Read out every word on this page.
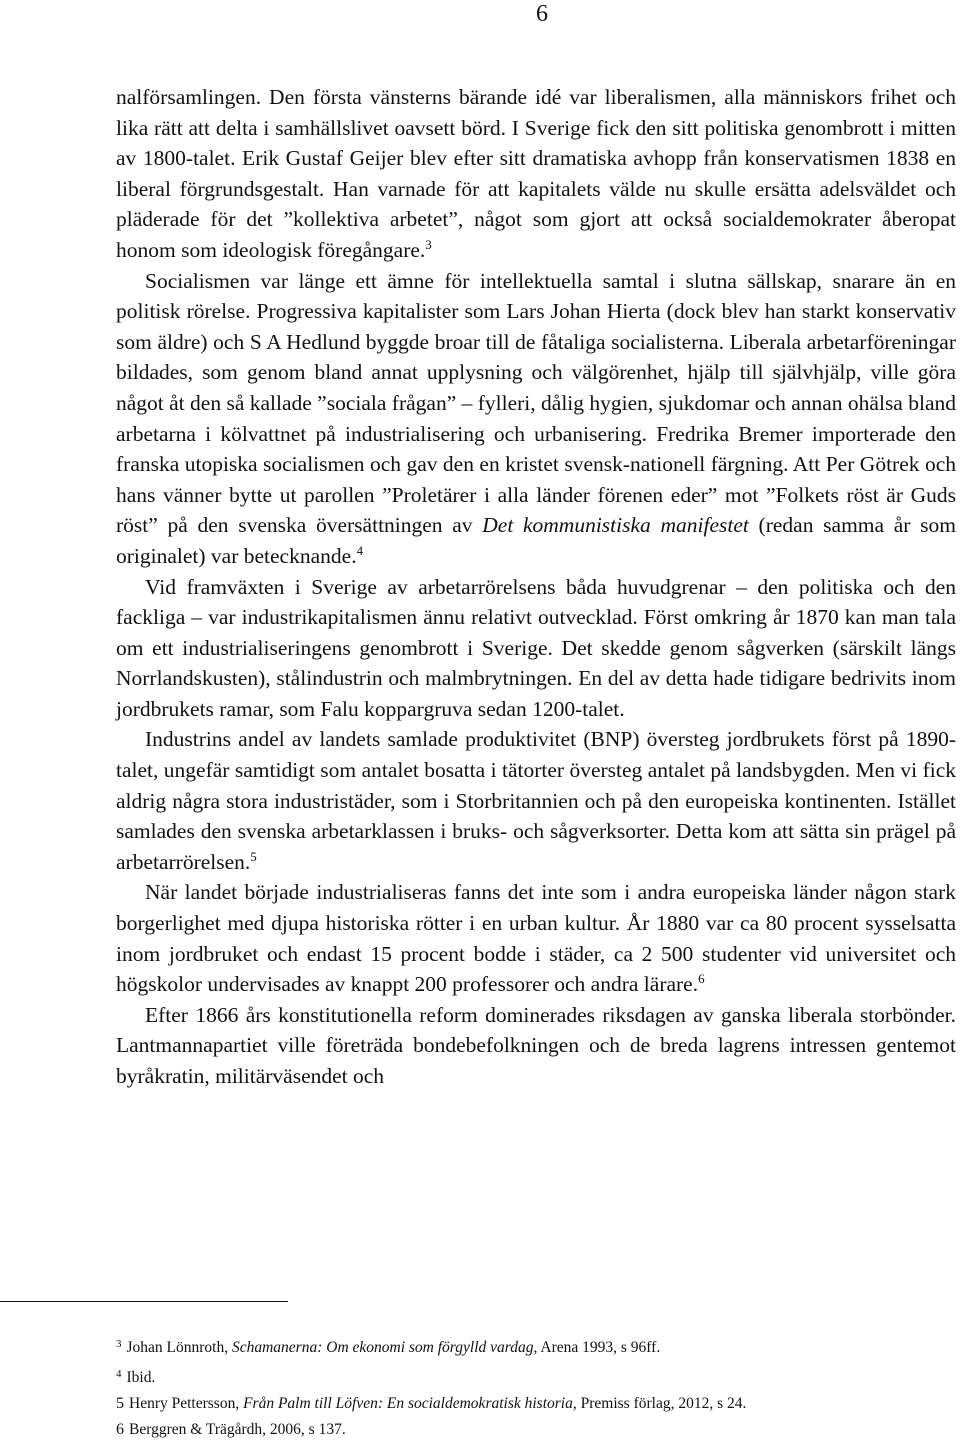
6

nalförsamlingen. Den första vänsterns bärande idé var liberalismen, alla människors frihet och lika rätt att delta i samhällslivet oavsett börd. I Sverige fick den sitt politiska genombrott i mitten av 1800-talet. Erik Gustaf Geijer blev efter sitt dramatiska avhopp från konservatismen 1838 en liberal förgrundsgestalt. Han varnade för att kapitalets välde nu skulle ersätta adelsväldet och pläderade för det ”kollektiva arbetet”, något som gjort att också socialdemokrater åberopat honom som ideologisk föregångare.$^3$

Socialismen var länge ett ämne för intellektuella samtal i slutna sällskap, snarare än en politisk rörelse. Progressiva kapitalister som Lars Johan Hierta (dock blev han starkt konservativ som äldre) och S A Hedlund byggde broar till de fåtaliga socialisterna. Liberala arbetarföreningar bildades, som genom bland annat upplysning och välgörenhet, hjälp till självhjälp, ville göra något åt den så kallade ”sociala frågan” – fylleri, dålig hygien, sjukdomar och annan ohälsa bland arbetarna i kölvattnet på industrialisering och urbanisering. Fredrika Bremer importerade den franska utopiska socialismen och gav den en kristet svensk-nationell färgning. Att Per Götrek och hans vänner bytte ut parollen ”Proletärer i alla länder förenen eder” mot ”Folkets röst är Guds röst” på den svenska översättningen av Det kommunistiska manifestet (redan samma år som originalet) var betecknande.$^4$

Vid framväxten i Sverige av arbetarrörelsens båda huvudgrenar – den politiska och den fackliga – var industrikapitalismen ännu relativt outvecklad. Först omkring år 1870 kan man tala om ett industrialiseringens genombrott i Sverige. Det skedde genom sågverken (särskilt längs Norrlandskusten), stålindustrin och malmbrytningen. En del av detta hade tidigare bedrivits inom jordbrukets ramar, som Falu koppargruva sedan 1200-talet.

Industrins andel av landets samlade produktivitet (BNP) översteg jordbrukets först på 1890-talet, ungefär samtidigt som antalet bosatta i tätorter översteg antalet på landsbygden. Men vi fick aldrig några stora industristäder, som i Storbritannien och på den europeiska kontinenten. Istället samlades den svenska arbetarklassen i bruks- och sågverksorter. Detta kom att sätta sin prägel på arbetarrörelsen.$^5$

När landet började industrialiseras fanns det inte som i andra europeiska länder någon stark borgerlighet med djupa historiska rötter i en urban kultur. År 1880 var ca 80 procent sysselsatta inom jordbruket och endast 15 procent bodde i städer, ca 2 500 studenter vid universitet och högskolor undervisades av knappt 200 professorer och andra lärare.$^6$

Efter 1866 års konstitutionella reform dominerades riksdagen av ganska liberala storbönder. Lantmannapartiet ville företräda bondebefolkningen och de breda lagrens intressen gentemot byråkratin, militärväsendet och

3 Johan Lönnroth, Schamanerna: Om ekonomi som förgylld vardag, Arena 1993, s 96ff.
4 Ibid.
5 Henry Pettersson, Från Palm till Löfven: En socialdemokratisk historia, Premiss förlag, 2012, s 24.
6 Berggren & Trägårdh, 2006, s 137.
